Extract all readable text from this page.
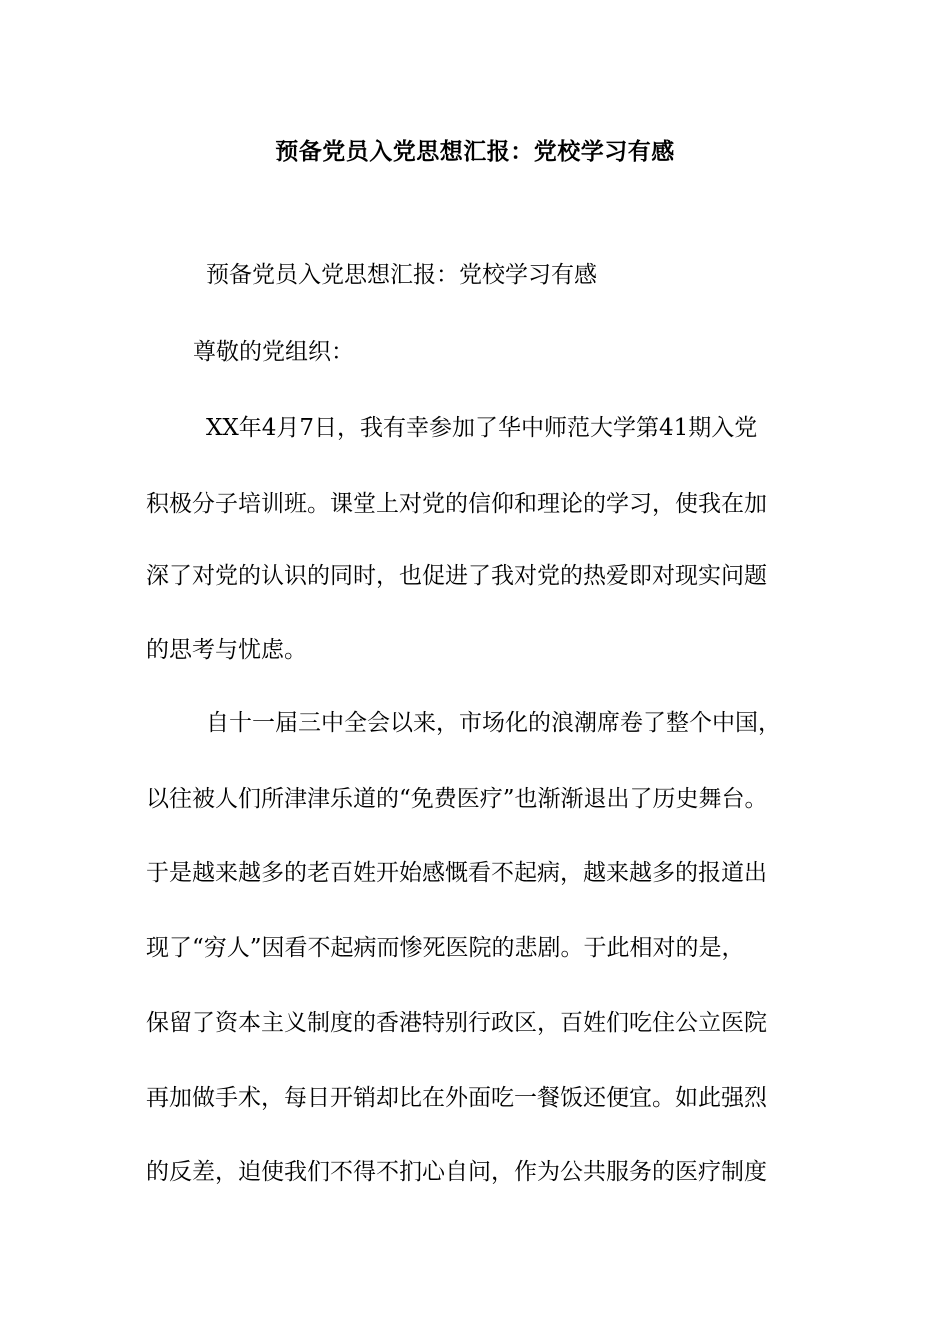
预备党员入党思想汇报：党校学习有感
预备党员入党思想汇报：党校学习有感
尊敬的党组织：
XX年4月7日，我有幸参加了华中师范大学第41期入党
积极分子培训班。课堂上对党的信仰和理论的学习，使我在加
深了对党的认识的同时，也促进了我对党的热爱即对现实问题
的思考与忧虑。
自十一届三中全会以来，市场化的浪潮席卷了整个中国，
以往被人们所津津乐道的“免费医疗”也渐渐退出了历史舞台。
于是越来越多的老百姓开始感慨看不起病，越来越多的报道出
现了“穷人”因看不起病而惨死医院的悲剧。于此相对的是，
保留了资本主义制度的香港特别行政区，百姓们吃住公立医院
再加做手术，每日开销却比在外面吃一餐饭还便宜。如此强烈
的反差，迫使我们不得不扪心自问，作为公共服务的医疗制度
